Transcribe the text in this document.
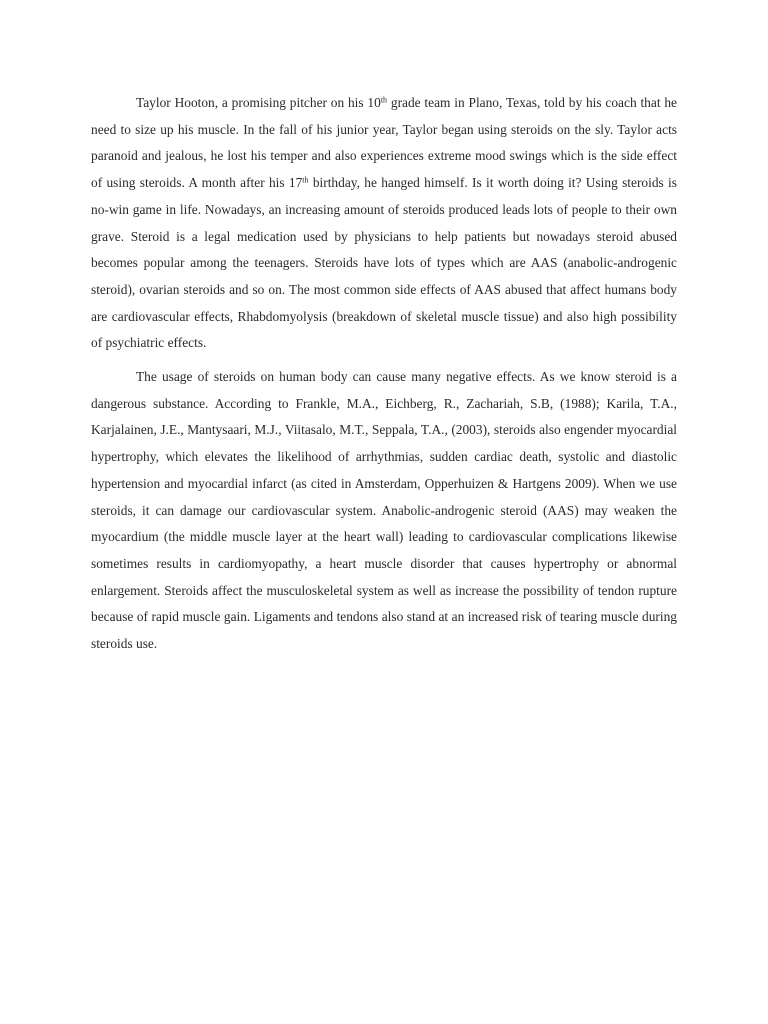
Taylor Hooton, a promising pitcher on his 10th grade team in Plano, Texas, told by his coach that he need to size up his muscle. In the fall of his junior year, Taylor began using steroids on the sly. Taylor acts paranoid and jealous, he lost his temper and also experiences extreme mood swings which is the side effect of using steroids. A month after his 17th birthday, he hanged himself. Is it worth doing it? Using steroids is no-win game in life. Nowadays, an increasing amount of steroids produced leads lots of people to their own grave. Steroid is a legal medication used by physicians to help patients but nowadays steroid abused becomes popular among the teenagers. Steroids have lots of types which are AAS (anabolic-androgenic steroid), ovarian steroids and so on. The most common side effects of AAS abused that affect humans body are cardiovascular effects, Rhabdomyolysis (breakdown of skeletal muscle tissue) and also high possibility of psychiatric effects.

The usage of steroids on human body can cause many negative effects. As we know steroid is a dangerous substance. According to Frankle, M.A., Eichberg, R., Zachariah, S.B, (1988); Karila, T.A., Karjalainen, J.E., Mantysaari, M.J., Viitasalo, M.T., Seppala, T.A., (2003), steroids also engender myocardial hypertrophy, which elevates the likelihood of arrhythmias, sudden cardiac death, systolic and diastolic hypertension and myocardial infarct (as cited in Amsterdam, Opperhuizen & Hartgens 2009). When we use steroids, it can damage our cardiovascular system. Anabolic-androgenic steroid (AAS) may weaken the myocardium (the middle muscle layer at the heart wall) leading to cardiovascular complications likewise sometimes results in cardiomyopathy, a heart muscle disorder that causes hypertrophy or abnormal enlargement. Steroids affect the musculoskeletal system as well as increase the possibility of tendon rupture because of rapid muscle gain. Ligaments and tendons also stand at an increased risk of tearing muscle during steroids use.
